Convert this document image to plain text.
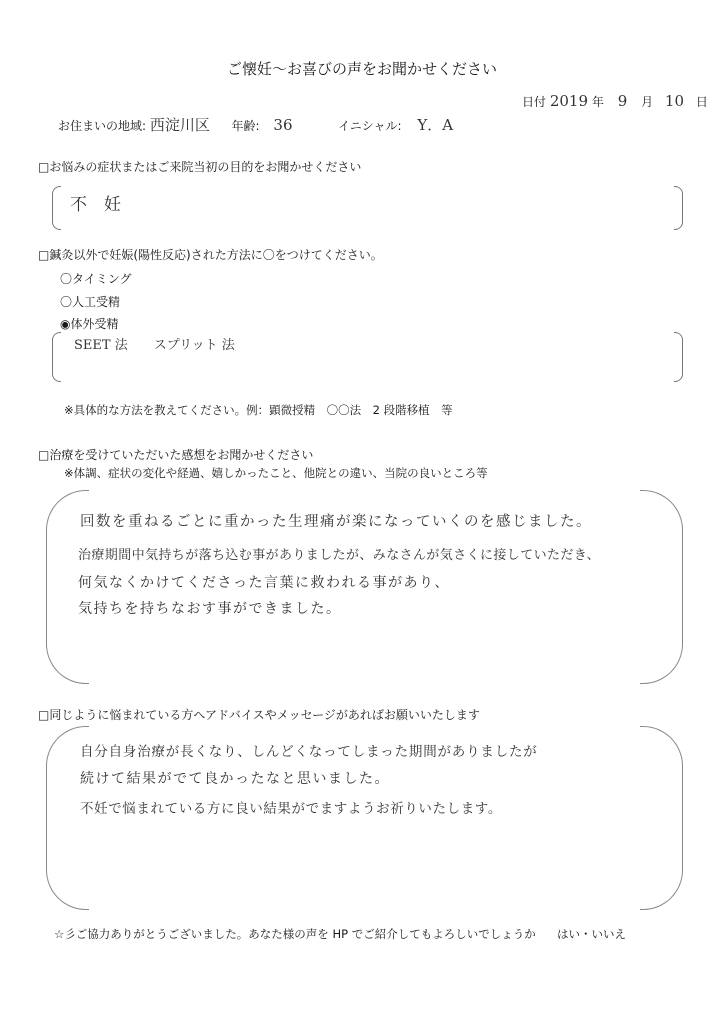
ご懐妊～お喜びの声をお聞かせください
日付 2019 年 9 月 10 日
お住まいの地域: 西淀川区 年齢: 36	イニシャル: Y．A
□お悩みの症状またはご来院当初の目的をお聞かせください
不　妊
□鍼灸以外で妊娠(陽性反応)された方法に〇をつけてください。
〇タイミング
〇人工受精
◉体外受精
SEET 法　　スプリット 法
※具体的な方法を教えてください。例：顕微授精　〇〇法　2 段階移植　等
□治療を受けていただいた感想をお聞かせください
※体調、症状の変化や経過、嬉しかったこと、他院との違い、当院の良いところ等
回数を重ねるごとに重かった生理痛が楽になっていくのを感じました。
治療期間中気持ちが落ち込む事がありましたが、みなさんが気さくに接していただき、
何気なくかけてくださった言葉に救われる事があり、
気持ちを持ちなおす事ができました。
□同じように悩まれている方へアドバイスやメッセージがあればお願いいたします
自分自身治療が長くなり、しんどくなってしまった期間がありましたが
続けて結果がでて良かったなと思いました。
不妊で悩まれている方に良い結果がでますようお祈りいたします。
☆彡ご協力ありがとうございました。あなた様の声を HP でご紹介してもよろしいでしょうか はい・いいえ
